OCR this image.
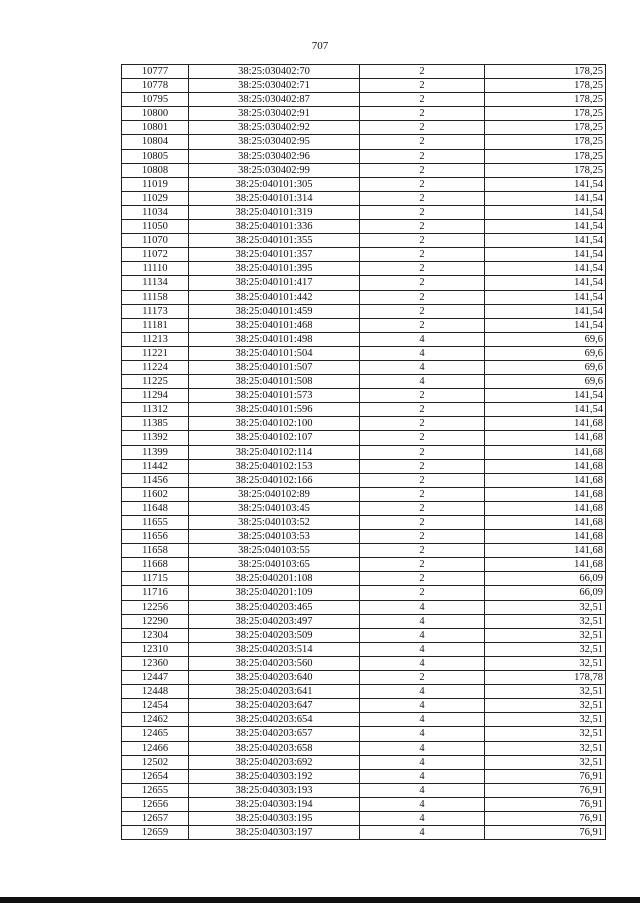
707
10777	38:25:030402:70	2	178,25
10778	38:25:030402:71	2	178,25
10795	38:25:030402:87	2	178,25
10800	38:25:030402:91	2	178,25
10801	38:25:030402:92	2	178,25
10804	38:25:030402:95	2	178,25
10805	38:25:030402:96	2	178,25
10808	38:25:030402:99	2	178,25
11019	38:25:040101:305	2	141,54
11029	38:25:040101:314	2	141,54
11034	38:25:040101:319	2	141,54
11050	38:25:040101:336	2	141,54
11070	38:25:040101:355	2	141,54
11072	38:25:040101:357	2	141,54
11110	38:25:040101:395	2	141,54
11134	38:25:040101:417	2	141,54
11158	38:25:040101:442	2	141,54
11173	38:25:040101:459	2	141,54
11181	38:25:040101:468	2	141,54
11213	38:25:040101:498	4	69,6
11221	38:25:040101:504	4	69,6
11224	38:25:040101:507	4	69,6
11225	38:25:040101:508	4	69,6
11294	38:25:040101:573	2	141,54
11312	38:25:040101:596	2	141,54
11385	38:25:040102:100	2	141,68
11392	38:25:040102:107	2	141,68
11399	38:25:040102:114	2	141,68
11442	38:25:040102:153	2	141,68
11456	38:25:040102:166	2	141,68
11602	38:25:040102:89	2	141,68
11648	38:25:040103:45	2	141,68
11655	38:25:040103:52	2	141,68
11656	38:25:040103:53	2	141,68
11658	38:25:040103:55	2	141,68
11668	38:25:040103:65	2	141,68
11715	38:25:040201:108	2	66,09
11716	38:25:040201:109	2	66,09
12256	38:25:040203:465	4	32,51
12290	38:25:040203:497	4	32,51
12304	38:25:040203:509	4	32,51
12310	38:25:040203:514	4	32,51
12360	38:25:040203:560	4	32,51
12447	38:25:040203:640	2	178,78
12448	38:25:040203:641	4	32,51
12454	38:25:040203:647	4	32,51
12462	38:25:040203:654	4	32,51
12465	38:25:040203:657	4	32,51
12466	38:25:040203:658	4	32,51
12502	38:25:040203:692	4	32,51
12654	38:25:040303:192	4	76,91
12655	38:25:040303:193	4	76,91
12656	38:25:040303:194	4	76,91
12657	38:25:040303:195	4	76,91
12659	38:25:040303:197	4	76,91
